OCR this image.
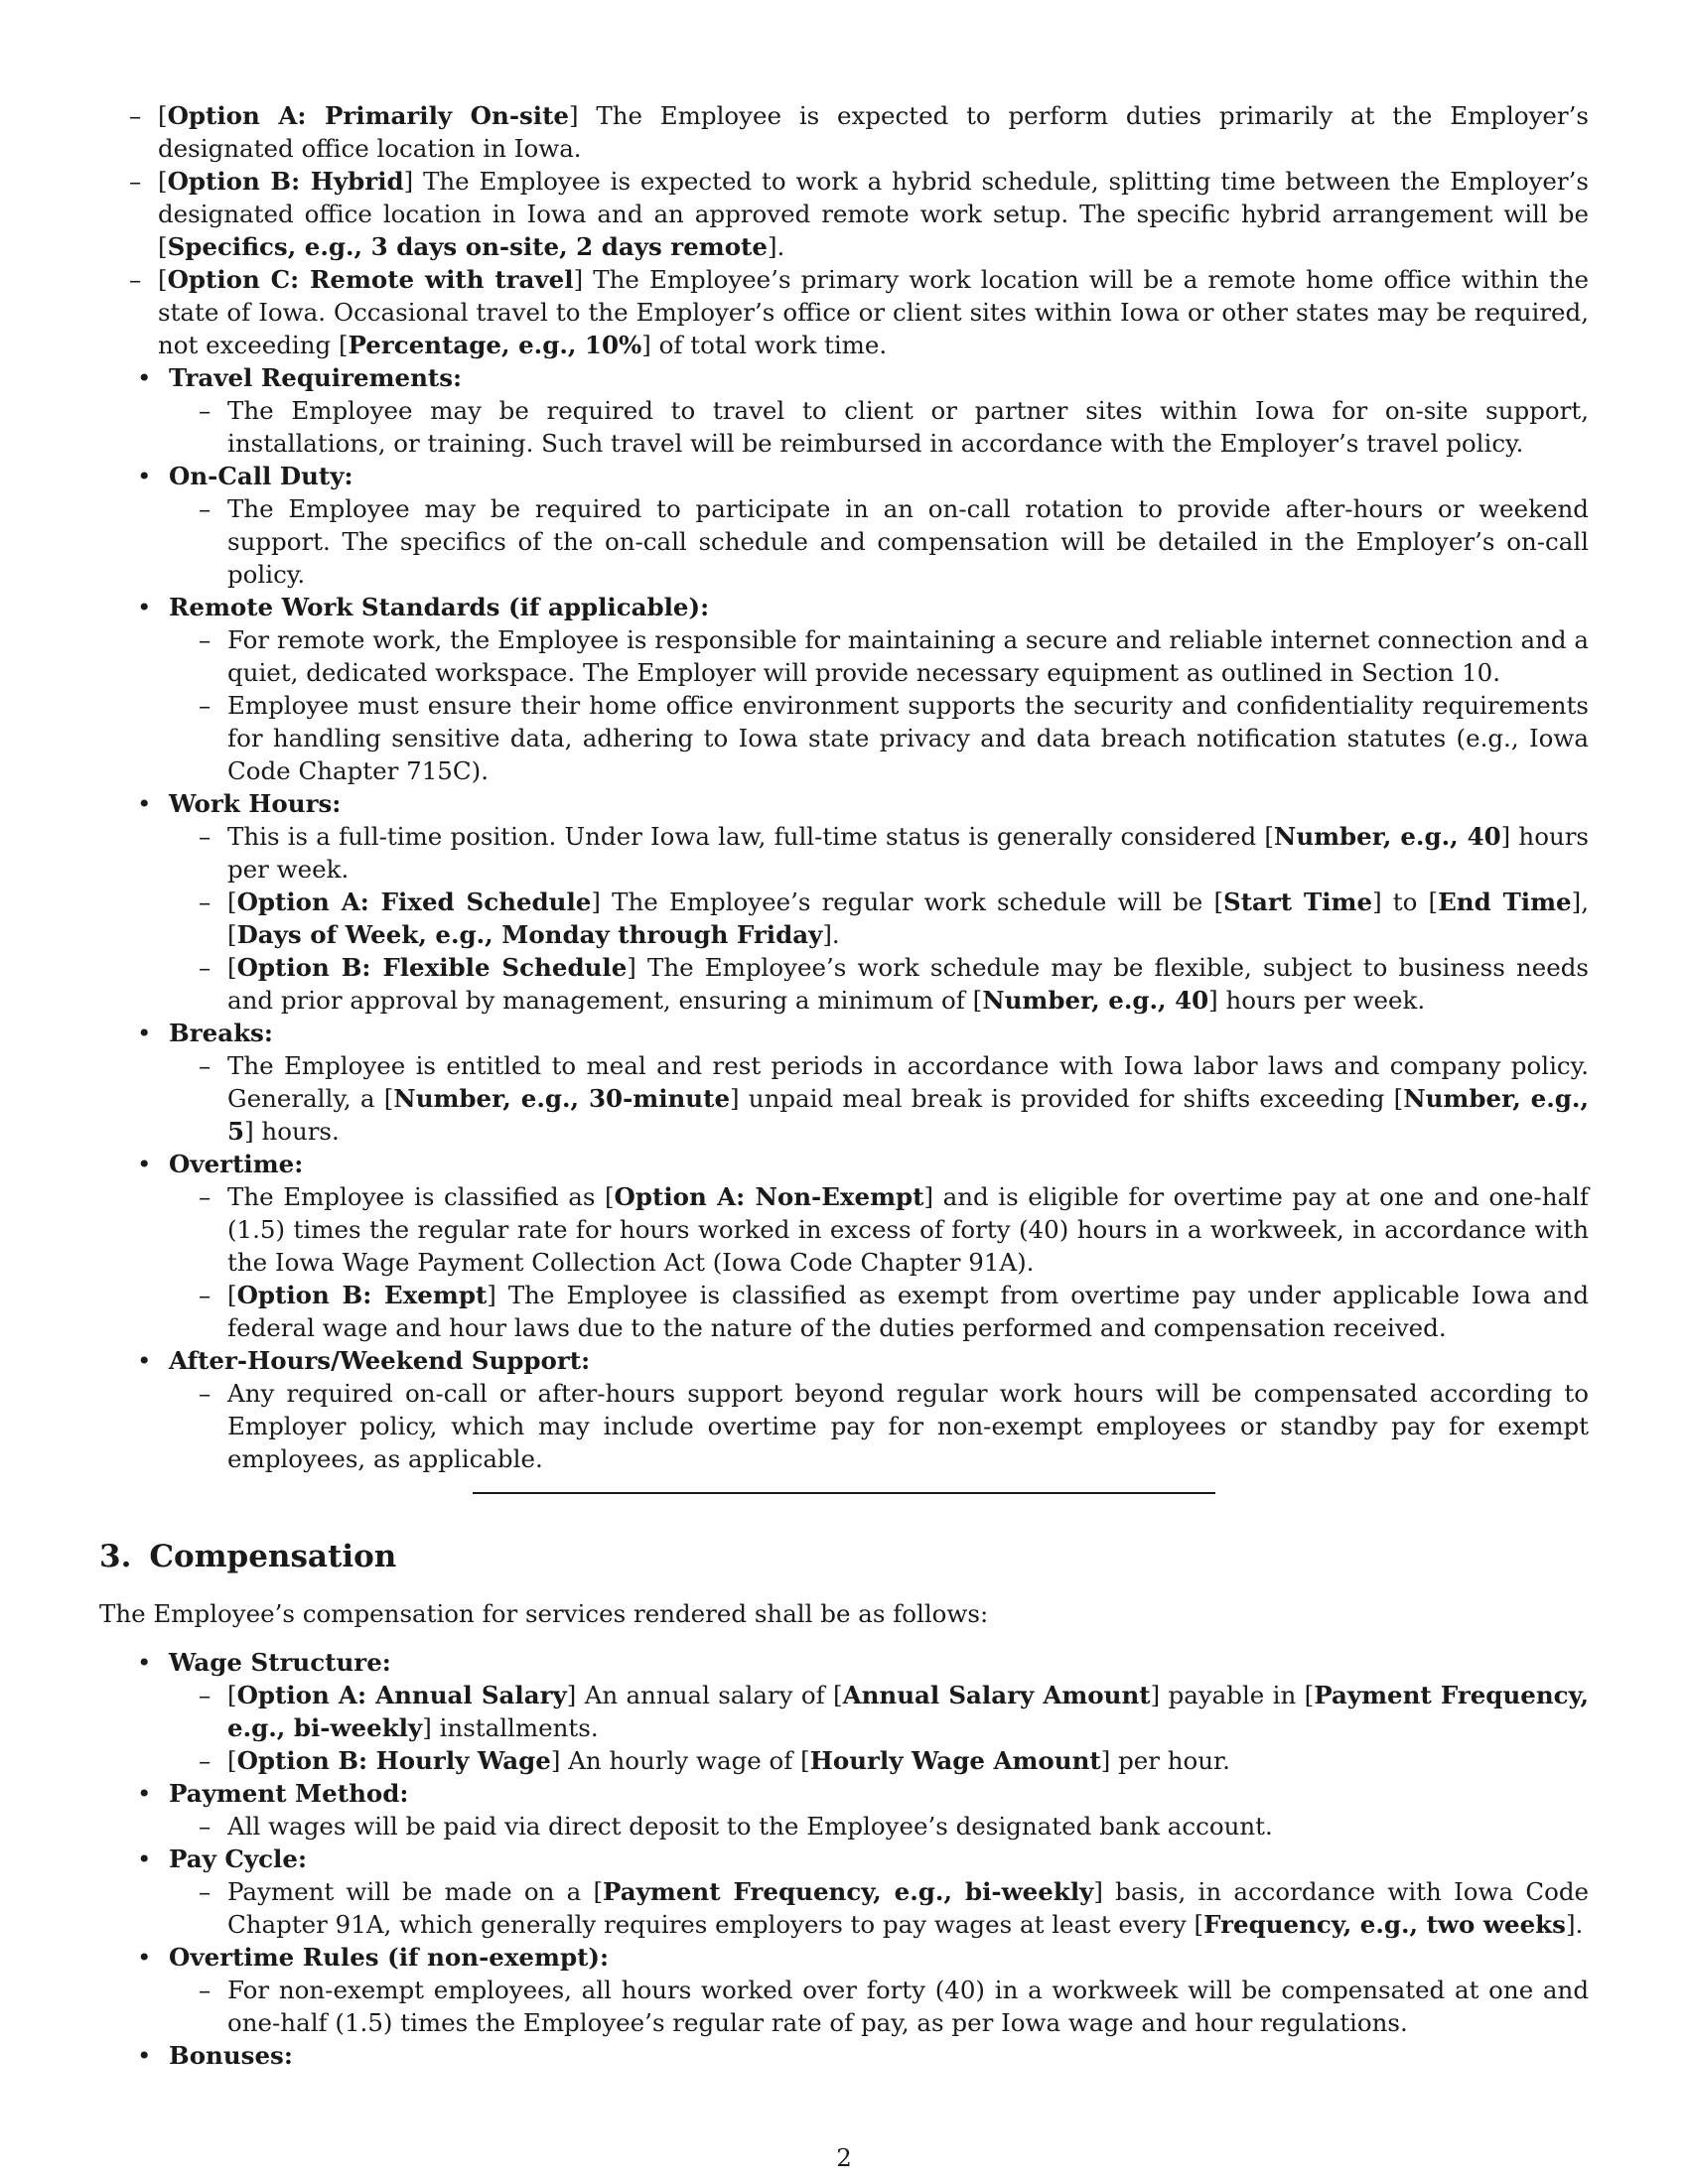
– [Option A: Primarily On-site] The Employee is expected to perform duties primarily at the Employer’s designated office location in Iowa.
– [Option B: Hybrid] The Employee is expected to work a hybrid schedule, splitting time between the Employer’s designated office location in Iowa and an approved remote work setup. The specific hybrid arrangement will be [Specifics, e.g., 3 days on-site, 2 days remote].
– [Option C: Remote with travel] The Employee’s primary work location will be a remote home office within the state of Iowa. Occasional travel to the Employer’s office or client sites within Iowa or other states may be required, not exceeding [Percentage, e.g., 10%] of total work time.
• Travel Requirements:
– The Employee may be required to travel to client or partner sites within Iowa for on-site support, installations, or training. Such travel will be reimbursed in accordance with the Employer’s travel policy.
• On-Call Duty:
– The Employee may be required to participate in an on-call rotation to provide after-hours or weekend support. The specifics of the on-call schedule and compensation will be detailed in the Employer’s on-call policy.
• Remote Work Standards (if applicable):
– For remote work, the Employee is responsible for maintaining a secure and reliable internet connection and a quiet, dedicated workspace. The Employer will provide necessary equipment as outlined in Section 10.
– Employee must ensure their home office environment supports the security and confidentiality requirements for handling sensitive data, adhering to Iowa state privacy and data breach notification statutes (e.g., Iowa Code Chapter 715C).
• Work Hours:
– This is a full-time position. Under Iowa law, full-time status is generally considered [Number, e.g., 40] hours per week.
– [Option A: Fixed Schedule] The Employee’s regular work schedule will be [Start Time] to [End Time], [Days of Week, e.g., Monday through Friday].
– [Option B: Flexible Schedule] The Employee’s work schedule may be flexible, subject to business needs and prior approval by management, ensuring a minimum of [Number, e.g., 40] hours per week.
• Breaks:
– The Employee is entitled to meal and rest periods in accordance with Iowa labor laws and company policy. Generally, a [Number, e.g., 30-minute] unpaid meal break is provided for shifts exceeding [Number, e.g., 5] hours.
• Overtime:
– The Employee is classified as [Option A: Non-Exempt] and is eligible for overtime pay at one and one-half (1.5) times the regular rate for hours worked in excess of forty (40) hours in a workweek, in accordance with the Iowa Wage Payment Collection Act (Iowa Code Chapter 91A).
– [Option B: Exempt] The Employee is classified as exempt from overtime pay under applicable Iowa and federal wage and hour laws due to the nature of the duties performed and compensation received.
• After-Hours/Weekend Support:
– Any required on-call or after-hours support beyond regular work hours will be compensated according to Employer policy, which may include overtime pay for non-exempt employees or standby pay for exempt employees, as applicable.
3. Compensation

The Employee’s compensation for services rendered shall be as follows:

• Wage Structure:
– [Option A: Annual Salary] An annual salary of [Annual Salary Amount] payable in [Payment Frequency, e.g., bi-weekly] installments.
– [Option B: Hourly Wage] An hourly wage of [Hourly Wage Amount] per hour.
• Payment Method:
– All wages will be paid via direct deposit to the Employee’s designated bank account.
• Pay Cycle:
– Payment will be made on a [Payment Frequency, e.g., bi-weekly] basis, in accordance with Iowa Code Chapter 91A, which generally requires employers to pay wages at least every [Frequency, e.g., two weeks].
• Overtime Rules (if non-exempt):
– For non-exempt employees, all hours worked over forty (40) in a workweek will be compensated at one and one-half (1.5) times the Employee’s regular rate of pay, as per Iowa wage and hour regulations.
• Bonuses:

2
